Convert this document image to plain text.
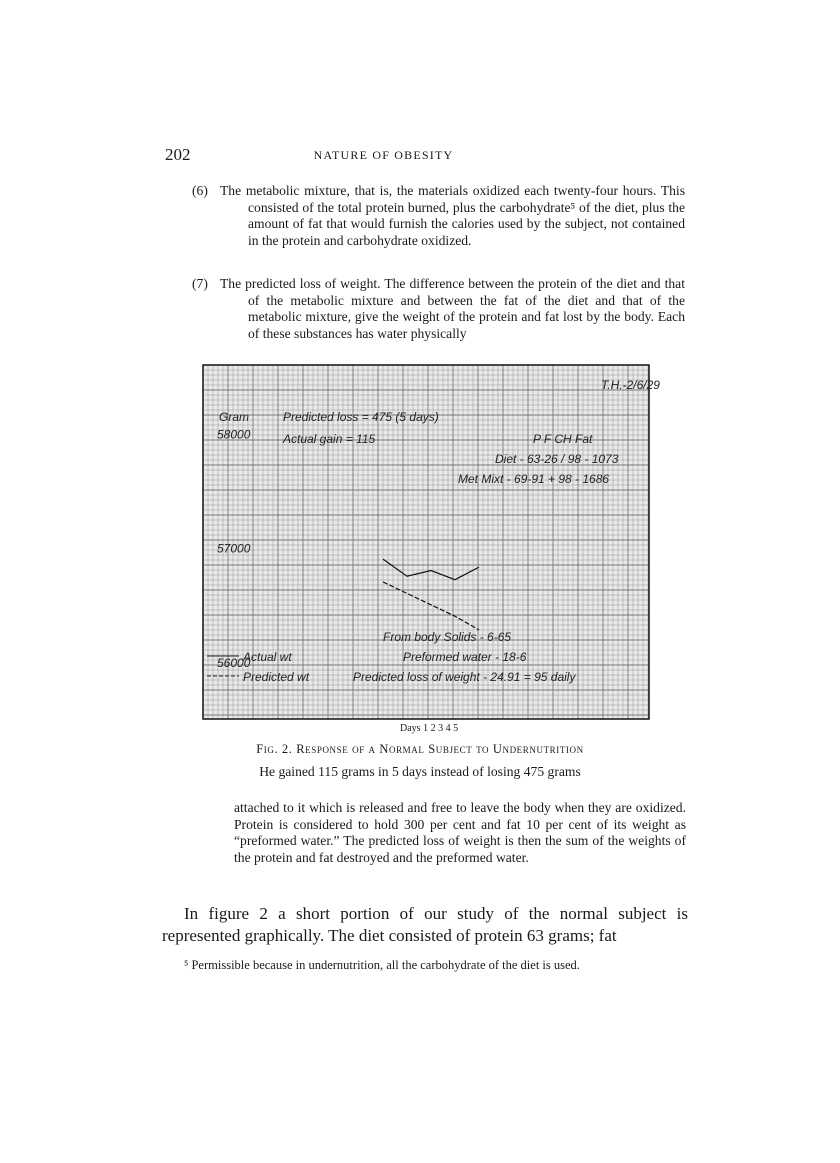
202	NATURE OF OBESITY
(6) The metabolic mixture, that is, the materials oxidized each twenty-four hours. This consisted of the total protein burned, plus the carbohydrate⁵ of the diet, plus the amount of fat that would furnish the calories used by the subject, not contained in the protein and carbohydrate oxidized.

(7) The predicted loss of weight. The difference between the protein of the diet and that of the metabolic mixture and between the fat of the diet and that of the metabolic mixture, give the weight of the protein and fat lost by the body. Each of these substances has water physically

58000
57000
56000
T.H.-2/6/29
Gram	Predicted loss = 475 (5 days)
Actual gain = 115	P F CH Fat
Diet - 63-26 / 98 - 1073
Met Mixt - 69-91 + 98 - 1686
From body Solids - 6-65
Preformed water - 18-6
Predicted loss of weight - 24.91 = 95 daily
Actual wt
Predicted wt
Days 1 2 3 4 5
Fig. 2. Response of a Normal Subject to Undernutrition
He gained 115 grams in 5 days instead of losing 475 grams
attached to it which is released and free to leave the body when they are oxidized. Protein is considered to hold 300 per cent and fat 10 per cent of its weight as “preformed water.” The predicted loss of weight is then the sum of the weights of the protein and fat destroyed and the preformed water.

In figure 2 a short portion of our study of the normal subject is represented graphically. The diet consisted of protein 63 grams; fat

⁵ Permissible because in undernutrition, all the carbohydrate of the diet is used.
